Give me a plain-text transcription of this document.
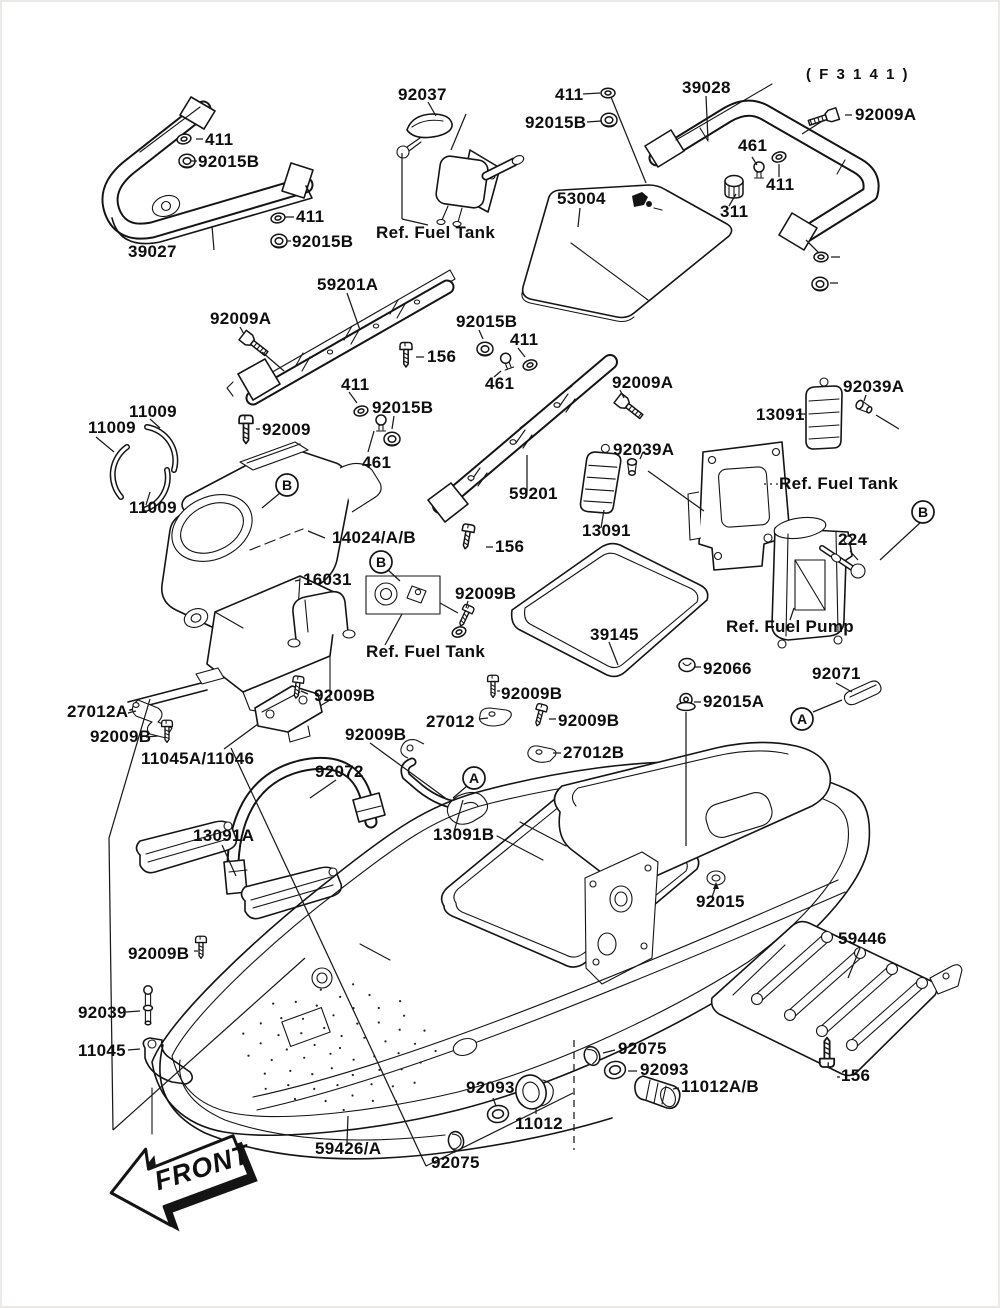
FRONT
( F 3 1 4 1 )
92037	411
92015B
39028
92009A
461
411
311
53004
411
92015B
411
92015B
39027
Ref. Fuel Tank
59201A
92009A	92015B
156
411
92015B
461
92009
411
461	92009A	92039A
13091
92039A
59201
13091
11009
11009
11009
14024/A/B
16031
Ref. Fuel Tank
224
Ref. Fuel Pump
92009B
Ref. Fuel Tank
39145
156
92066	92071
92015A
27012A
92009B
11045A/11046
92009B
92009B
92009B
27012	92009B
27012B
92072
13091A	13091B
92009B
92039
11045
92015
59446
156
92075
92093
11012A/B
92093
11012
92075
59426/A
B
B
B
A
A
